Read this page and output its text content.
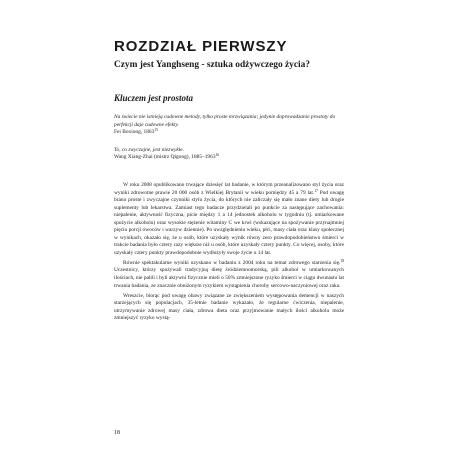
ROZDZIAŁ PIERWSZY
Czym jest Yanghseng - sztuka odżywczego życia?
Kluczem jest prostota
Na świecie nie istnieją cudowne metody, tylko proste mrzwiązania; jedynie doprowadzanie prostoty do perfekcji daje cudowne efekty.
Fei Boxiong, 1863$^{15}$
To, co zwyczajne, jest niezwykłe.
Wang Xiang-Zhai (mistrz Qigong), 1885–1963$^{16}$

W roku 2008 opublikowano trwające dziesięć lat badanie, w którym przeanalizowano styl życia oraz wyniki zdrowotne prawie 20 000 osób z Wielkiej Brytanii w wieku pomiędzy 45 a 79 lat.$^{17}$ Pod uwagę brano proste i zwyczajne czynniki stylu życia, do których nie zaliczały się mało znane diety lub drogie suplementy lub lekarstwa. Zamiast tego badacze przydzielali po punkcie za następujące zachowania: niepalenie, aktywność fizyczna, picie między 1 a 14 jednostek alkoholu w tygodniu (tj. umiarkowane spożycie alkoholu) oraz wysokie stężenie witaminy C we krwi (wskazujące na spożywanie przynajmniej pięciu porcji owoców i warzyw dziennie). Po uwzględnieniu wieku, płci, masy ciała oraz klasy społecznej w wynikach, okazało się, że u osób, które uzyskały wynik równy zero prawdopodobieństwo śmierci w trakcie badania było cztery razy większe niż u osób, które uzyskały cztery punkty. Co więcej, osoby, które uzyskały cztery punkty prawdopodobnie wydłużyły swoje życie o 14 lat.

Równie spektakularne wyniki uzyskano w badaniu z 2004 roku na temat zdrowego starzenia się.$^{18}$ Uczestnicy, którzy spożywali tradycyjną dietę śródziemnomorską, pili alkohol w umiarkowanych ilościach, nie palili i byli aktywni fizycznie mieli o 50% zmniejszone ryzyko śmierci w ciągu dwunastu lat trwania badania, ze znacznie obniżonym ryzykiem wystąpienia choroby sercowo-naczyniowej oraz raka.

Wreszcie, biorąc pod uwagę obawy związane ze zwiększeniem występowania demencji w naszych starzejących się populacjach, 35-letnie badanie wykazało, że regularne ćwiczenia, niepalenie, utrzymywanie zdrowej masy ciała, zdrowa dieta oraz przyjmowanie małych ilości alkoholu może zmniejszyć ryzyko wystą-

18
